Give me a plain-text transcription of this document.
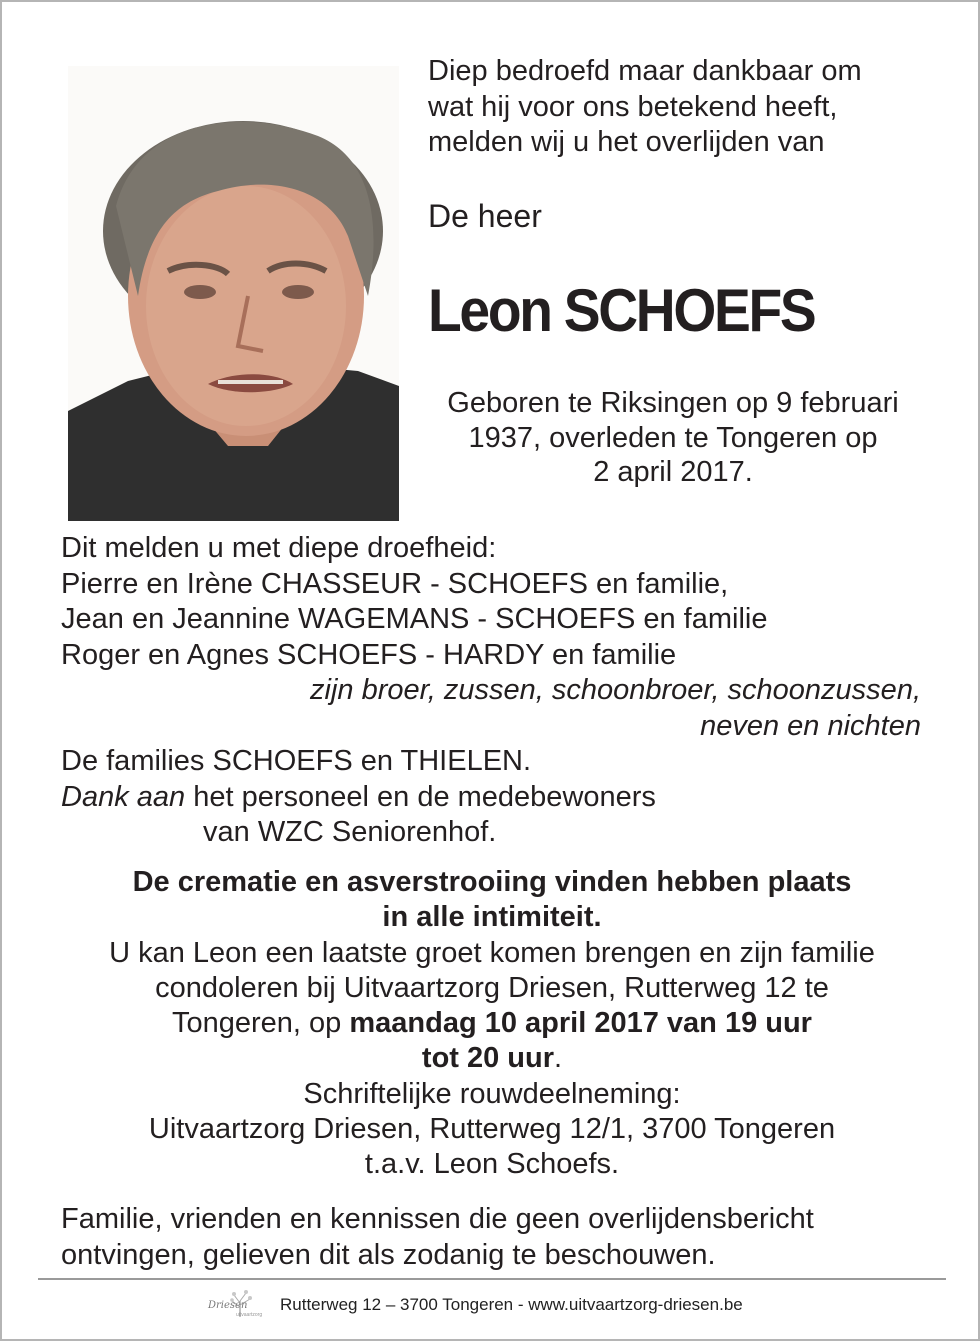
Diep bedroefd maar dankbaar om

wat hij voor ons betekend heeft,

melden wij u het overlijden van

De heer
Leon SCHOEFS

Geboren te Riksingen op 9 februari

1937, overleden te Tongeren op

2 april 2017.

Dit melden u met diepe droefheid:

Pierre en Irène CHASSEUR - SCHOEFS en familie,

Jean en Jeannine WAGEMANS - SCHOEFS en familie

Roger en Agnes SCHOEFS - HARDY en familie

zijn broer, zussen, schoonbroer, schoonzussen,

neven en nichten

De families SCHOEFS en THIELEN.

Dank aan het personeel en de medebewoners

van WZC Seniorenhof.

De crematie en asverstrooiing vinden hebben plaats

in alle intimiteit.

U kan Leon een laatste groet komen brengen en zijn familie

condoleren bij Uitvaartzorg Driesen, Rutterweg 12 te

Tongeren, op maandag 10 april 2017 van 19 uur

tot 20 uur.

Schriftelijke rouwdeelneming:

Uitvaartzorg Driesen, Rutterweg 12/1, 3700 Tongeren

t.a.v. Leon Schoefs.

Familie, vrienden en kennissen die geen overlijdensbericht

ontvingen, gelieven dit als zodanig te beschouwen.

Driesen
uitvaartzorg
Rutterweg 12 – 3700 Tongeren - www.uitvaartzorg-driesen.be
